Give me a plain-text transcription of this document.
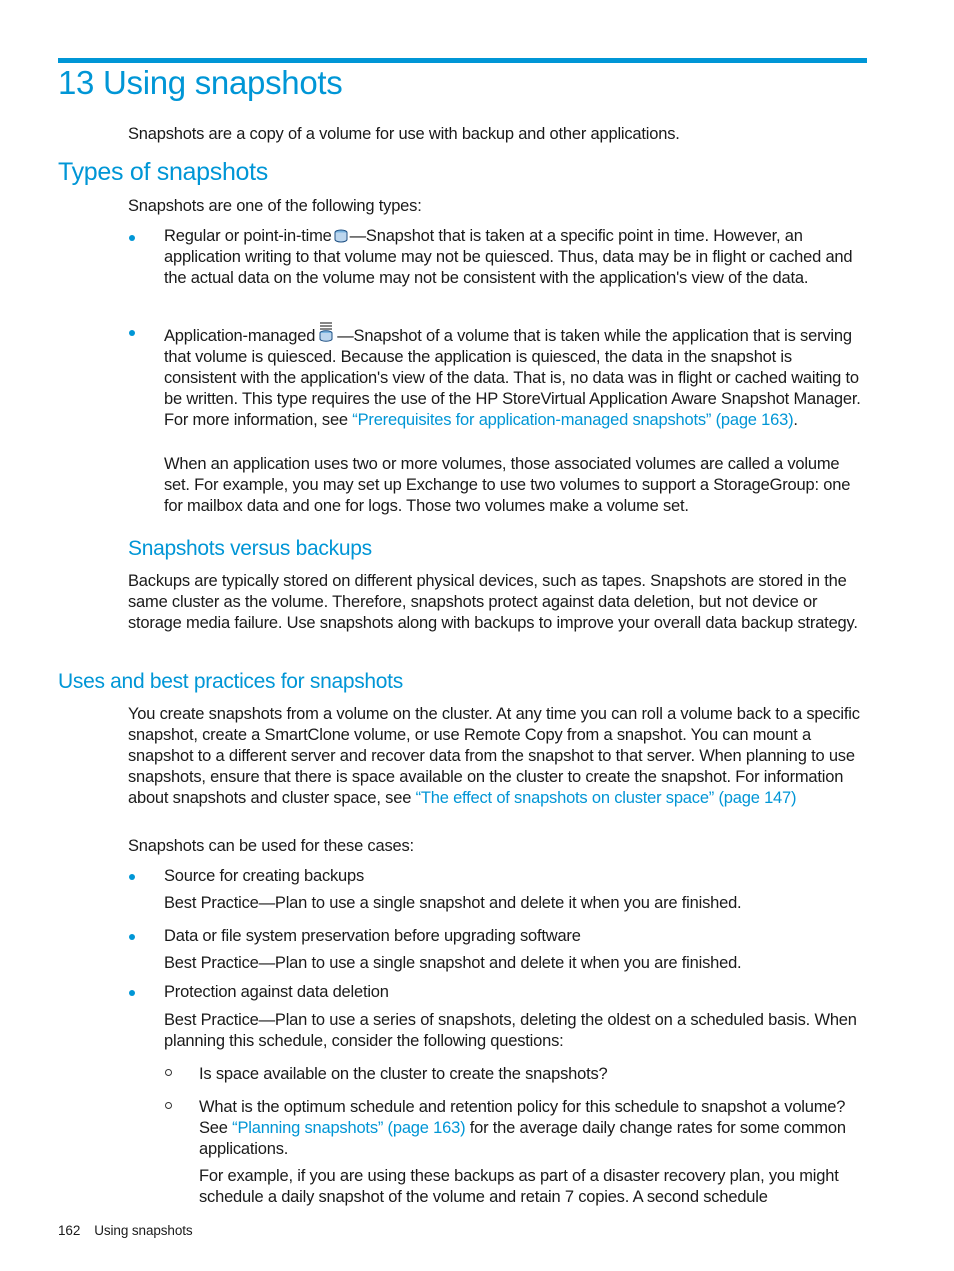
13 Using snapshots

Snapshots are a copy of a volume for use with backup and other applications.

Types of snapshots

Snapshots are one of the following types:

Regular or point-in-time —Snapshot that is taken at a specific point in time. However, an application writing to that volume may not be quiesced. Thus, data may be in flight or cached and the actual data on the volume may not be consistent with the application's view of the data.

Application-managed —Snapshot of a volume that is taken while the application that is serving that volume is quiesced. Because the application is quiesced, the data in the snapshot is consistent with the application's view of the data. That is, no data was in flight or cached waiting to be written. This type requires the use of the HP StoreVirtual Application Aware Snapshot Manager. For more information, see “Prerequisites for application-managed snapshots” (page 163).

When an application uses two or more volumes, those associated volumes are called a volume set. For example, you may set up Exchange to use two volumes to support a StorageGroup: one for mailbox data and one for logs. Those two volumes make a volume set.

Snapshots versus backups

Backups are typically stored on different physical devices, such as tapes. Snapshots are stored in the same cluster as the volume. Therefore, snapshots protect against data deletion, but not device or storage media failure. Use snapshots along with backups to improve your overall data backup strategy.

Uses and best practices for snapshots

You create snapshots from a volume on the cluster. At any time you can roll a volume back to a specific snapshot, create a SmartClone volume, or use Remote Copy from a snapshot. You can mount a snapshot to a different server and recover data from the snapshot to that server. When planning to use snapshots, ensure that there is space available on the cluster to create the snapshot. For information about snapshots and cluster space, see “The effect of snapshots on cluster space” (page 147)

Snapshots can be used for these cases:

Source for creating backups

Best Practice—Plan to use a single snapshot and delete it when you are finished.

Data or file system preservation before upgrading software

Best Practice—Plan to use a single snapshot and delete it when you are finished.

Protection against data deletion

Best Practice—Plan to use a series of snapshots, deleting the oldest on a scheduled basis. When planning this schedule, consider the following questions:

Is space available on the cluster to create the snapshots?

What is the optimum schedule and retention policy for this schedule to snapshot a volume? See “Planning snapshots” (page 163) for the average daily change rates for some common applications.

For example, if you are using these backups as part of a disaster recovery plan, you might schedule a daily snapshot of the volume and retain 7 copies. A second schedule

162 Using snapshots
